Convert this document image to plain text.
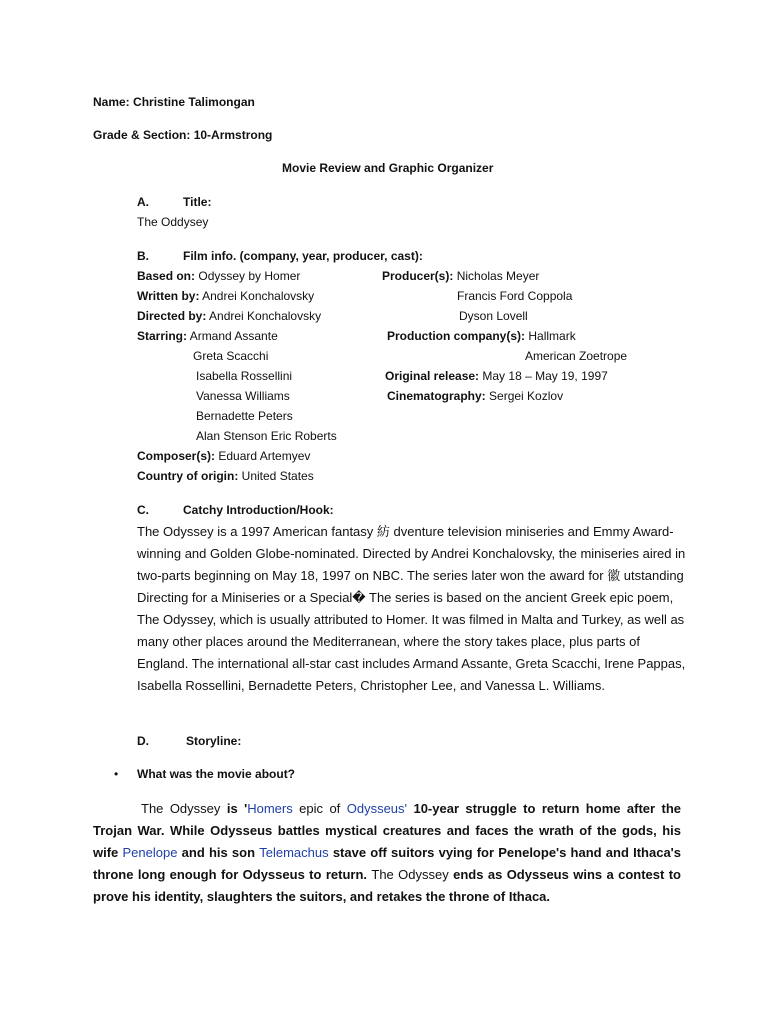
Name: Christine Talimongan
Grade & Section: 10-Armstrong
Movie Review and Graphic Organizer
A.	Title:
The Oddysey
B.	Film info. (company, year, producer, cast):
Based on: Odyssey by Homer
Written by: Andrei Konchalovsky
Directed by: Andrei Konchalovsky
Starring: Armand Assante
Greta Scacchi
Isabella Rossellini
Vanessa Williams
Bernadette Peters
Alan Stenson Eric Roberts
Composer(s): Eduard Artemyev
Country of origin: United States
Producer(s): Nicholas Meyer
Francis Ford Coppola
Dyson Lovell
Production company(s): Hallmark
American Zoetrope
Original release: May 18 – May 19, 1997
Cinematography: Sergei Kozlov
C.	Catchy Introduction/Hook:
The Odyssey is a 1997 American fantasy 紡 dventure television miniseries and Emmy Award-winning and Golden Globe-nominated. Directed by Andrei Konchalovsky, the miniseries aired in two-parts beginning on May 18, 1997 on NBC. The series later won the award for 徽 utstanding Directing for a Miniseries or a Special� The series is based on the ancient Greek epic poem, The Odyssey, which is usually attributed to Homer. It was filmed in Malta and Turkey, as well as many other places around the Mediterranean, where the story takes place, plus parts of England. The international all-star cast includes Armand Assante, Greta Scacchi, Irene Pappas, Isabella Rossellini, Bernadette Peters, Christopher Lee, and Vanessa L. Williams.
D.	Storyline:
• What was the movie about?
The Odyssey is 'Homers epic of Odysseus' 10-year struggle to return home after the Trojan War. While Odysseus battles mystical creatures and faces the wrath of the gods, his wife Penelope and his son Telemachus stave off suitors vying for Penelope's hand and Ithaca's throne long enough for Odysseus to return. The Odyssey ends as Odysseus wins a contest to prove his identity, slaughters the suitors, and retakes the throne of Ithaca.
